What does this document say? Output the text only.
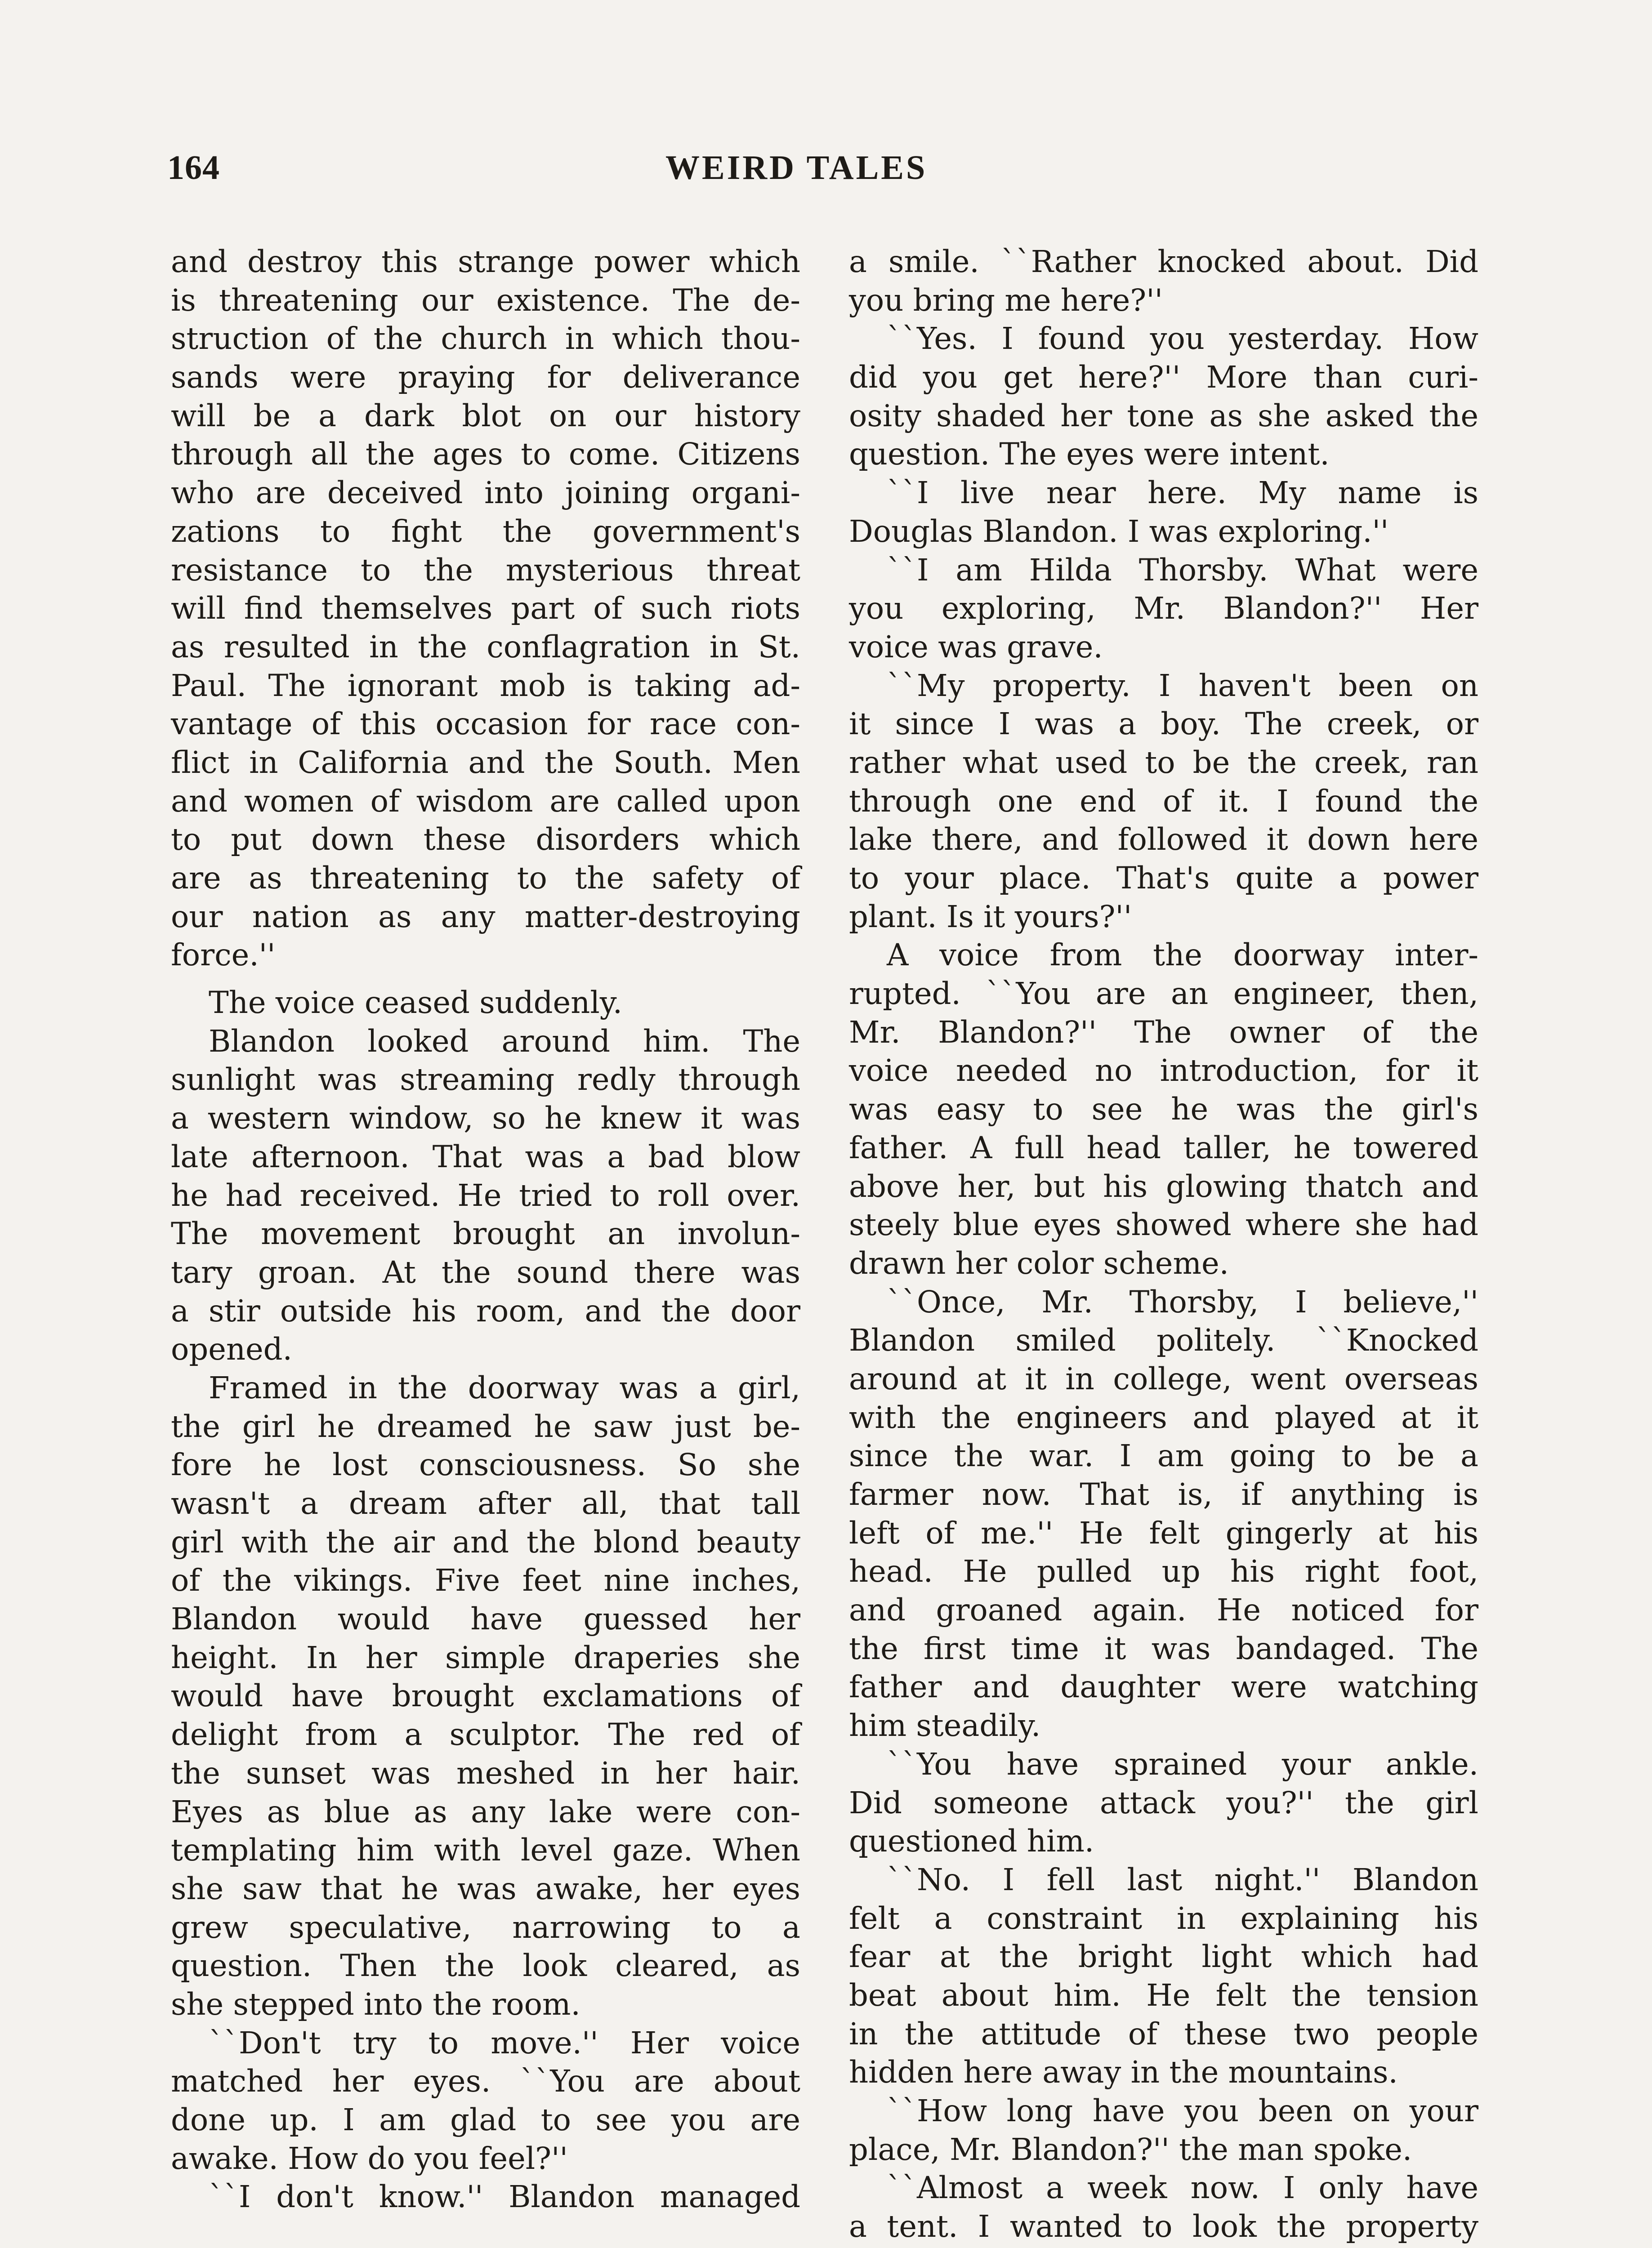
164	WEIRD TALES
and destroy this strange power which
is threatening our existence. The de-
struction of the church in which thou-
sands were praying for deliverance
will be a dark blot on our history
through all the ages to come. Citizens
who are deceived into joining organi-
zations to fight the government's
resistance to the mysterious threat
will find themselves part of such riots
as resulted in the conflagration in St.
Paul. The ignorant mob is taking ad-
vantage of this occasion for race con-
flict in California and the South. Men
and women of wisdom are called upon
to put down these disorders which
are as threatening to the safety of
our nation as any matter-destroying
force.''
The voice ceased suddenly.
Blandon looked around him. The
sunlight was streaming redly through
a western window, so he knew it was
late afternoon. That was a bad blow
he had received. He tried to roll over.
The movement brought an involun-
tary groan. At the sound there was
a stir outside his room, and the door
opened.
Framed in the doorway was a girl,
the girl he dreamed he saw just be-
fore he lost consciousness. So she
wasn't a dream after all, that tall
girl with the air and the blond beauty
of the vikings. Five feet nine inches,
Blandon would have guessed her
height. In her simple draperies she
would have brought exclamations of
delight from a sculptor. The red of
the sunset was meshed in her hair.
Eyes as blue as any lake were con-
templating him with level gaze. When
she saw that he was awake, her eyes
grew speculative, narrowing to a
question. Then the look cleared, as
she stepped into the room.
``Don't try to move.'' Her voice
matched her eyes. ``You are about
done up. I am glad to see you are
awake. How do you feel?''
``I don't know.'' Blandon managed
a smile. ``Rather knocked about. Did
you bring me here?''
``Yes. I found you yesterday. How
did you get here?'' More than curi-
osity shaded her tone as she asked the
question. The eyes were intent.
``I live near here. My name is
Douglas Blandon. I was exploring.''
``I am Hilda Thorsby. What were
you exploring, Mr. Blandon?'' Her
voice was grave.
``My property. I haven't been on
it since I was a boy. The creek, or
rather what used to be the creek, ran
through one end of it. I found the
lake there, and followed it down here
to your place. That's quite a power
plant. Is it yours?''
A voice from the doorway inter-
rupted. ``You are an engineer, then,
Mr. Blandon?'' The owner of the
voice needed no introduction, for it
was easy to see he was the girl's
father. A full head taller, he towered
above her, but his glowing thatch and
steely blue eyes showed where she had
drawn her color scheme.
``Once, Mr. Thorsby, I believe,''
Blandon smiled politely. ``Knocked
around at it in college, went overseas
with the engineers and played at it
since the war. I am going to be a
farmer now. That is, if anything is
left of me.'' He felt gingerly at his
head. He pulled up his right foot,
and groaned again. He noticed for
the first time it was bandaged. The
father and daughter were watching
him steadily.
``You have sprained your ankle.
Did someone attack you?'' the girl
questioned him.
``No. I fell last night.'' Blandon
felt a constraint in explaining his
fear at the bright light which had
beat about him. He felt the tension
in the attitude of these two people
hidden here away in the mountains.
``How long have you been on your
place, Mr. Blandon?'' the man spoke.
``Almost a week now. I only have
a tent. I wanted to look the property
